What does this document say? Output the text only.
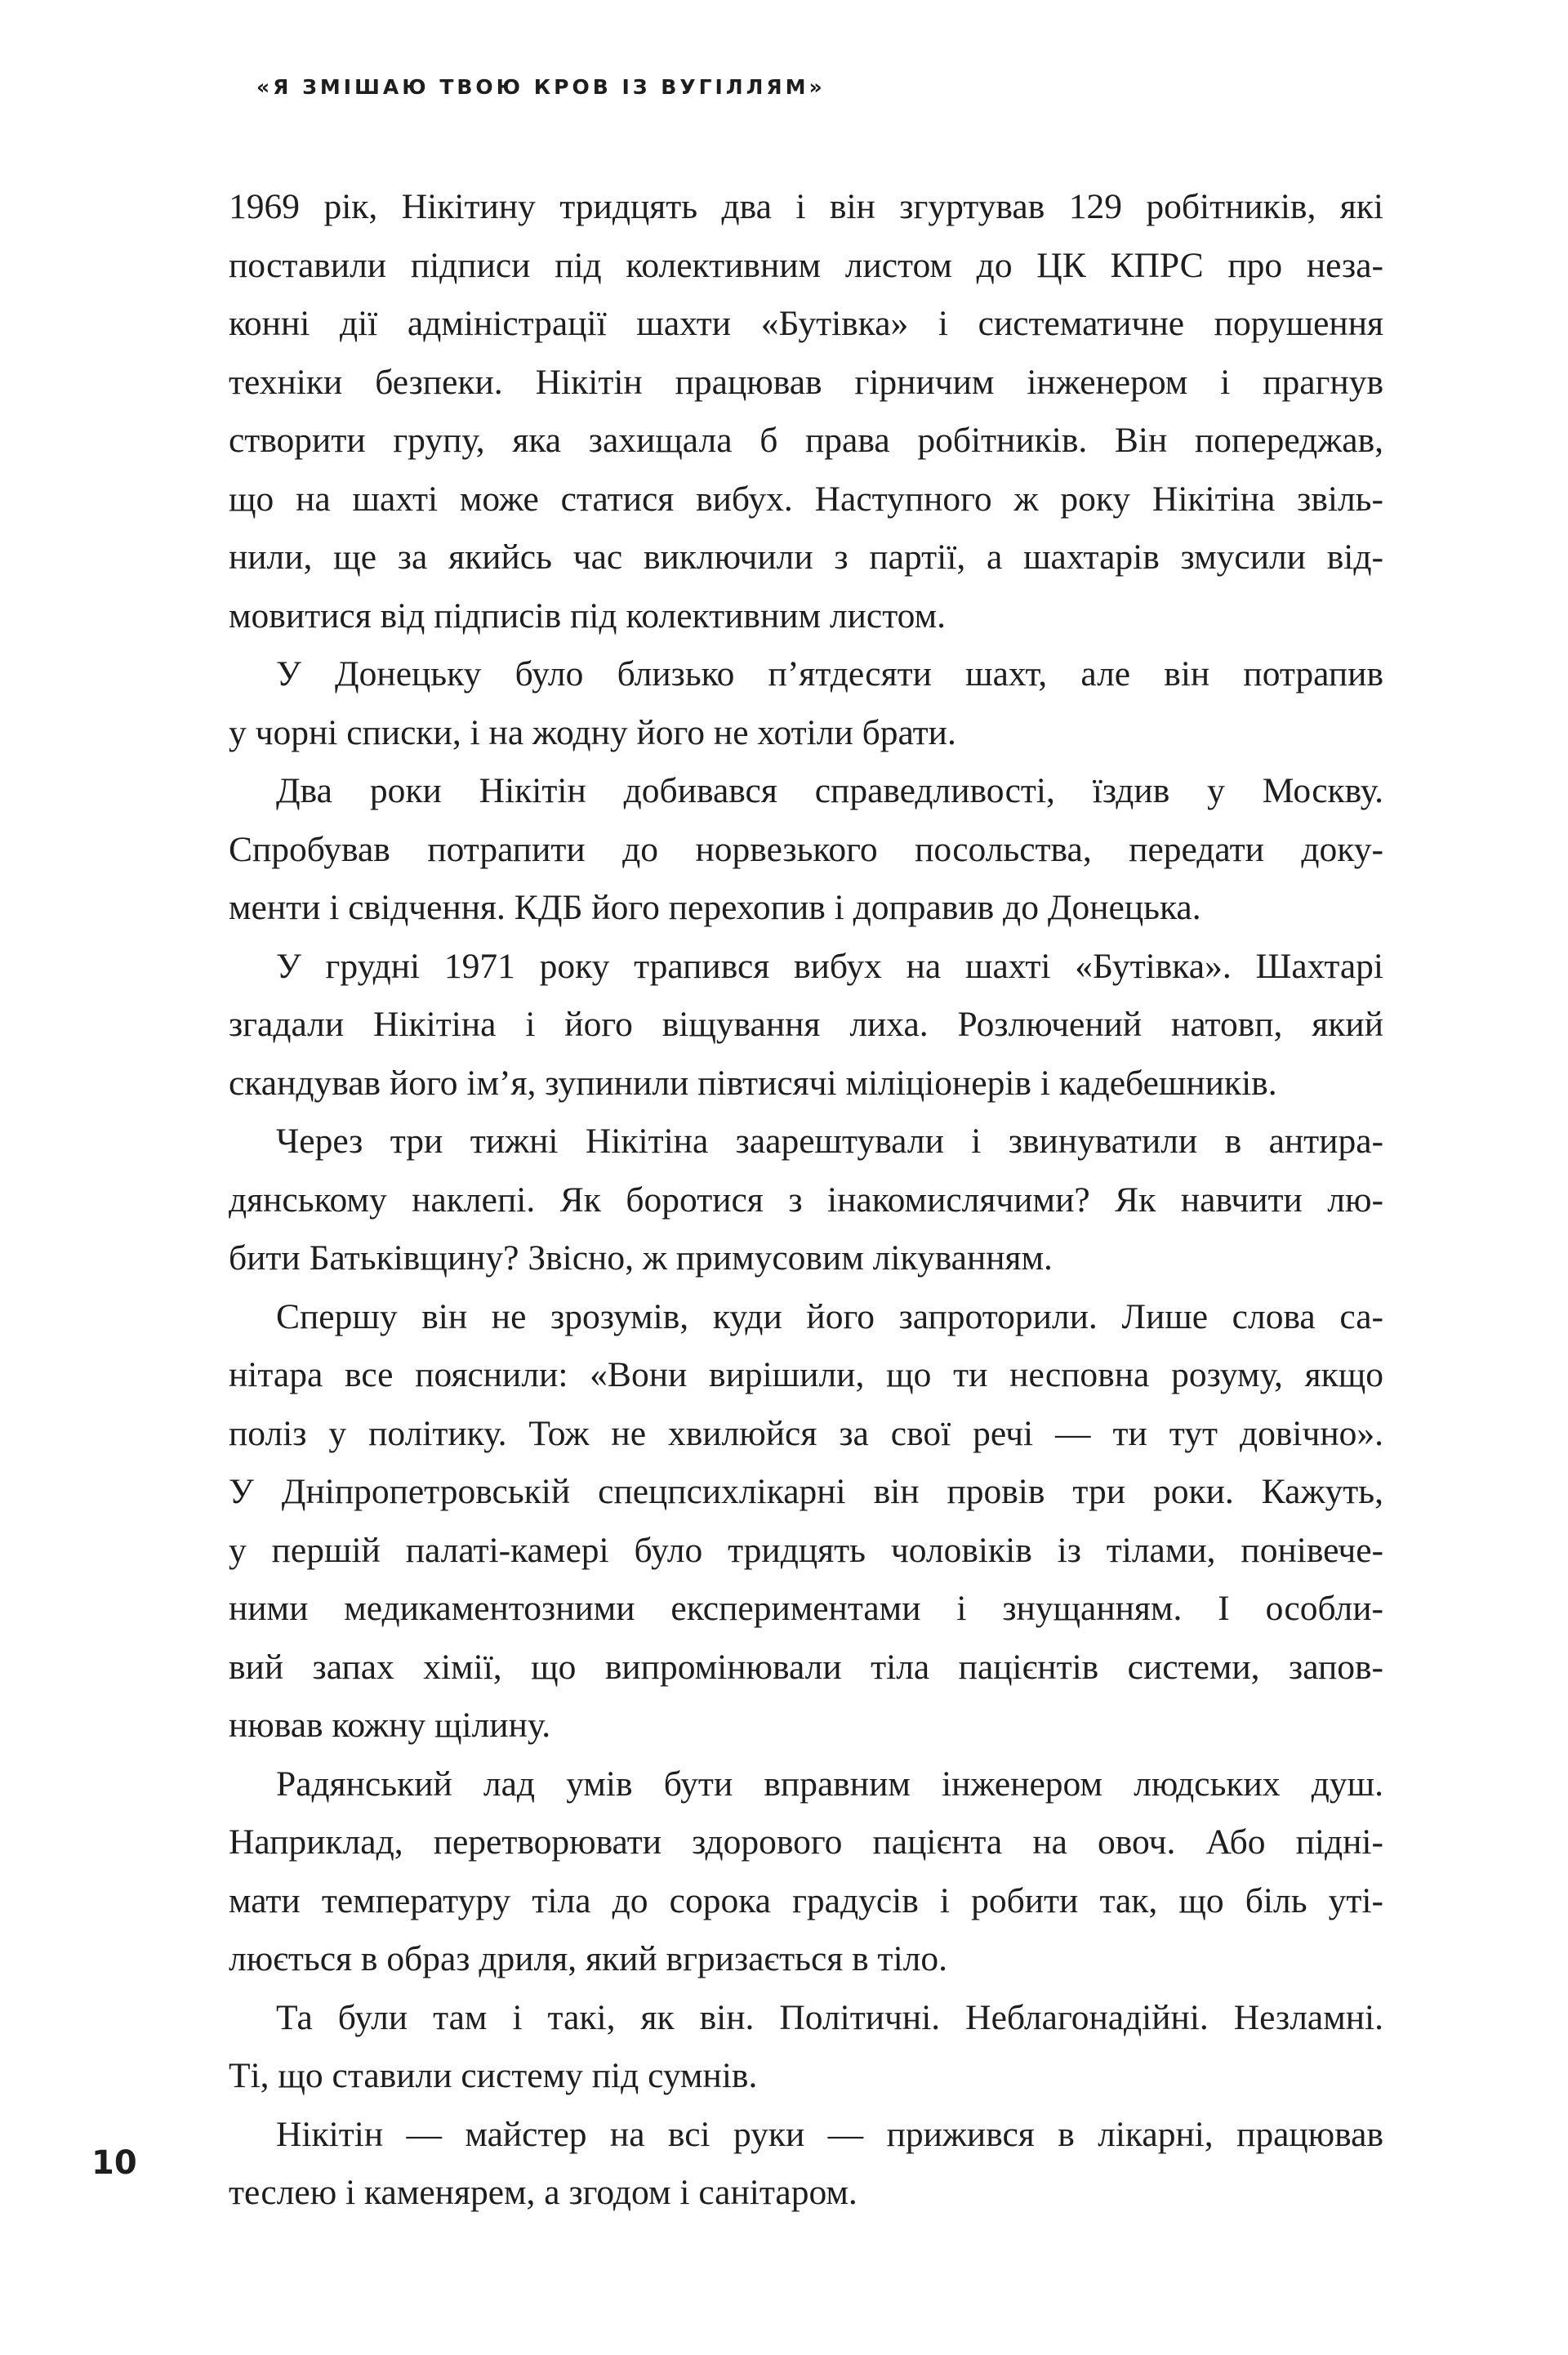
«Я ЗМІШАЮ ТВОЮ КРОВ ІЗ ВУГІЛЛЯМ»

1969 рік, Нікітину тридцять два і він згуртував 129 робітників, які
поставили підписи під колективним листом до ЦК КПРС про неза-
конні дії адміністрації шахти «Бутівка» і систематичне порушення
техніки безпеки. Нікітін працював гірничим інженером і прагнув
створити групу, яка захищала б права робітників. Він попереджав,
що на шахті може статися вибух. Наступного ж року Нікітіна звіль-
нили, ще за якийсь час виключили з партії, а шахтарів змусили від-
мовитися від підписів під колективним листом.
У Донецьку було близько п’ятдесяти шахт, але він потрапив
у чорні списки, і на жодну його не хотіли брати.
Два роки Нікітін добивався справедливості, їздив у Москву.
Спробував потрапити до норвезького посольства, передати доку-
менти і свідчення. КДБ його перехопив і доправив до Донецька.
У грудні 1971 року трапився вибух на шахті «Бутівка». Шахтарі
згадали Нікітіна і його віщування лиха. Розлючений натовп, який
скандував його ім’я, зупинили півтисячі міліціонерів і кадебешників.
Через три тижні Нікітіна заарештували і звинуватили в антира-
дянському наклепі. Як боротися з інакомислячими? Як навчити лю-
бити Батьківщину? Звісно, ж примусовим лікуванням.
Спершу він не зрозумів, куди його запроторили. Лише слова са-
нітара все пояснили: «Вони вирішили, що ти несповна розуму, якщо
поліз у політику. Тож не хвилюйся за свої речі — ти тут довічно».
У Дніпропетровській спецпсихлікарні він провів три роки. Кажуть,
у першій палаті-камері було тридцять чоловіків із тілами, понівече-
ними медикаментозними експериментами і знущанням. І особли-
вий запах хімії, що випромінювали тіла пацієнтів системи, запов-
нював кожну щілину.
Радянський лад умів бути вправним інженером людських душ.
Наприклад, перетворювати здорового пацієнта на овоч. Або підні-
мати температуру тіла до сорока градусів і робити так, що біль уті-
люється в образ дриля, який вгризається в тіло.
Та були там і такі, як він. Політичні. Неблагонадійні. Незламні.
Ті, що ставили систему під сумнів.
Нікітін — майстер на всі руки — прижився в лікарні, працював
теслею і каменярем, а згодом і санітаром.

10
